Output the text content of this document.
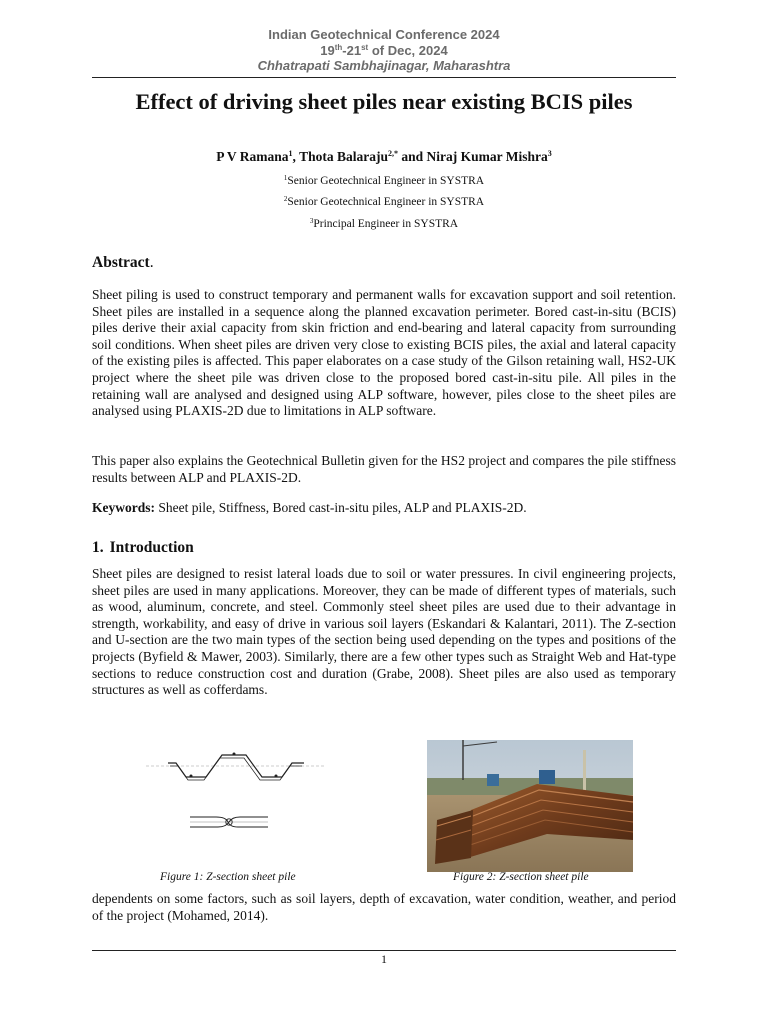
Indian Geotechnical Conference 2024
19th-21st of Dec, 2024
Chhatrapati Sambhajinagar, Maharashtra
Effect of driving sheet piles near existing BCIS piles
P V Ramana$^1$, Thota Balaraju$^{2,*}$ and Niraj Kumar Mishra$^3$
$^1$Senior Geotechnical Engineer in SYSTRA
$^2$Senior Geotechnical Engineer in SYSTRA
$^3$Principal Engineer in SYSTRA
Abstract.

Sheet piling is used to construct temporary and permanent walls for excavation support and soil retention. Sheet piles are installed in a sequence along the planned excavation perimeter. Bored cast-in-situ (BCIS) piles derive their axial capacity from skin friction and end-bearing and lateral capacity from surrounding soil conditions. When sheet piles are driven very close to existing BCIS piles, the axial and lateral capacity of the existing piles is affected. This paper elaborates on a case study of the Gilson retaining wall, HS2-UK project where the sheet pile was driven close to the proposed bored cast-in-situ pile. All piles in the retaining wall are analysed and designed using ALP software, however, piles close to the sheet piles are analysed using PLAXIS-2D due to limitations in ALP software.

This paper also explains the Geotechnical Bulletin given for the HS2 project and compares the pile stiffness results between ALP and PLAXIS-2D.

Keywords: Sheet pile, Stiffness, Bored cast-in-situ piles, ALP and PLAXIS-2D.

1. Introduction

Sheet piles are designed to resist lateral loads due to soil or water pressures. In civil engineering projects, sheet piles are used in many applications. Moreover, they can be made of different types of materials, such as wood, aluminum, concrete, and steel. Commonly steel sheet piles are used due to their advantage in strength, workability, and easy of drive in various soil layers (Eskandari & Kalantari, 2011). The Z-section and U-section are the two main types of the section being used depending on the types and positions of the projects (Byfield & Mawer, 2003). Similarly, there are a few other types such as Straight Web and Hat-type sections to reduce construction cost and duration (Grabe, 2008). Sheet piles are also used as temporary structures as well as cofferdams.

Figure 1: Z-section sheet pile	Figure 2: Z-section sheet pile

dependents on some factors, such as soil layers, depth of excavation, water condition, weather, and period of the project (Mohamed, 2014).

1
